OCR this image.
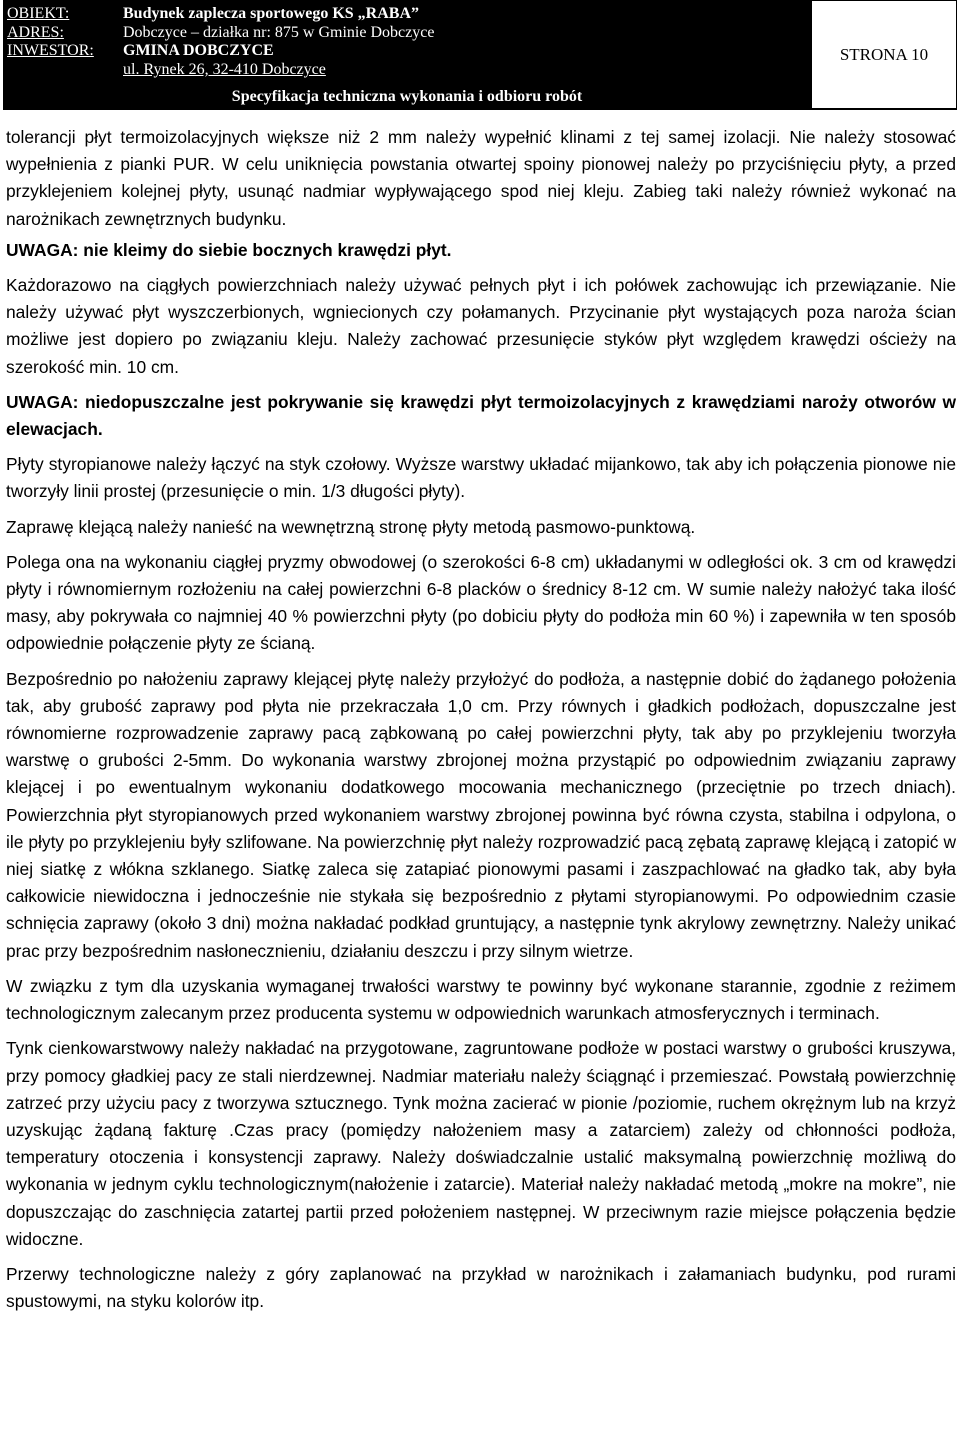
OBIEKT:	Budynek zaplecza sportowego KS „RABA”
ADRES:	Dobczyce – działka nr: 875 w Gminie Dobczyce
INWESTOR: GMINA DOBCZYCE
ul. Rynek 26, 32-410 Dobczyce
STRONA 10
Specyfikacja techniczna wykonania i odbioru robót

tolerancji płyt termoizolacyjnych większe niż 2 mm należy wypełnić klinami z tej samej izolacji. Nie należy stosować wypełnienia z pianki PUR. W celu uniknięcia powstania otwartej spoiny pionowej należy po przyciśnięciu płyty, a przed przyklejeniem kolejnej płyty, usunąć nadmiar wypływającego spod niej kleju. Zabieg taki należy również wykonać na narożnikach zewnętrznych budynku.

UWAGA: nie kleimy do siebie bocznych krawędzi płyt.

Każdorazowo na ciągłych powierzchniach należy używać pełnych płyt i ich połówek zachowując ich przewiązanie. Nie należy używać płyt wyszczerbionych, wgniecionych czy połamanych. Przycinanie płyt wystających poza naroża ścian możliwe jest dopiero po związaniu kleju. Należy zachować przesunięcie styków płyt względem krawędzi ościeży na szerokość min. 10 cm.

UWAGA: niedopuszczalne jest pokrywanie się krawędzi płyt termoizolacyjnych z krawędziami naroży otworów w elewacjach.

Płyty styropianowe należy łączyć na styk czołowy. Wyższe warstwy układać mijankowo, tak aby ich połączenia pionowe nie tworzyły linii prostej (przesunięcie o min. 1/3 długości płyty).

Zaprawę klejącą należy nanieść na wewnętrzną stronę płyty metodą pasmowo-punktową.

Polega ona na wykonaniu ciągłej pryzmy obwodowej (o szerokości 6-8 cm) układanymi w odległości ok. 3 cm od krawędzi płyty i równomiernym rozłożeniu na całej powierzchni 6-8 placków o średnicy 8-12 cm. W sumie należy nałożyć taka ilość masy, aby pokrywała co najmniej 40 % powierzchni płyty (po dobiciu płyty do podłoża min 60 %) i zapewniła w ten sposób odpowiednie połączenie płyty ze ścianą.

Bezpośrednio po nałożeniu zaprawy klejącej płytę należy przyłożyć do podłoża, a następnie dobić do żądanego położenia tak, aby grubość zaprawy pod płyta nie przekraczała 1,0 cm. Przy równych i gładkich podłożach, dopuszczalne jest równomierne rozprowadzenie zaprawy pacą ząbkowaną po całej powierzchni płyty, tak aby po przyklejeniu tworzyła warstwę o grubości 2-5mm. Do wykonania warstwy zbrojonej można przystąpić po odpowiednim związaniu zaprawy klejącej i po ewentualnym wykonaniu dodatkowego mocowania mechanicznego (przeciętnie po trzech dniach). Powierzchnia płyt styropianowych przed wykonaniem warstwy zbrojonej powinna być równa czysta, stabilna i odpylona, o ile płyty po przyklejeniu były szlifowane. Na powierzchnię płyt należy rozprowadzić pacą zębatą zaprawę klejącą i zatopić w niej siatkę z włókna szklanego. Siatkę zaleca się zatapiać pionowymi pasami i zaszpachlować na gładko tak, aby była całkowicie niewidoczna i jednocześnie nie stykała się bezpośrednio z płytami styropianowymi. Po odpowiednim czasie schnięcia zaprawy (około 3 dni) można nakładać podkład gruntujący, a następnie tynk akrylowy zewnętrzny. Należy unikać prac przy bezpośrednim nasłonecznieniu, działaniu deszczu i przy silnym wietrze.

W związku z tym dla uzyskania wymaganej trwałości warstwy te powinny być wykonane starannie, zgodnie z reżimem technologicznym zalecanym przez producenta systemu w odpowiednich warunkach atmosferycznych i terminach.

Tynk cienkowarstwowy należy nakładać na przygotowane, zagruntowane podłoże w postaci warstwy o grubości kruszywa, przy pomocy gładkiej pacy ze stali nierdzewnej. Nadmiar materiału należy ściągnąć i przemieszać. Powstałą powierzchnię zatrzeć przy użyciu pacy z tworzywa sztucznego. Tynk można zacierać w pionie /poziomie, ruchem okrężnym lub na krzyż uzyskując żądaną fakturę .Czas pracy (pomiędzy nałożeniem masy a zatarciem) zależy od chłonności podłoża, temperatury otoczenia i konsystencji zaprawy. Należy doświadczalnie ustalić maksymalną powierzchnię możliwą do wykonania w jednym cyklu technologicznym(nałożenie i zatarcie). Materiał należy nakładać metodą „mokre na mokre”, nie dopuszczając do zaschnięcia zatartej partii przed położeniem następnej. W przeciwnym razie miejsce połączenia będzie widoczne.

Przerwy technologiczne należy z góry zaplanować na przykład w narożnikach i załamaniach budynku, pod rurami spustowymi, na styku kolorów itp.
